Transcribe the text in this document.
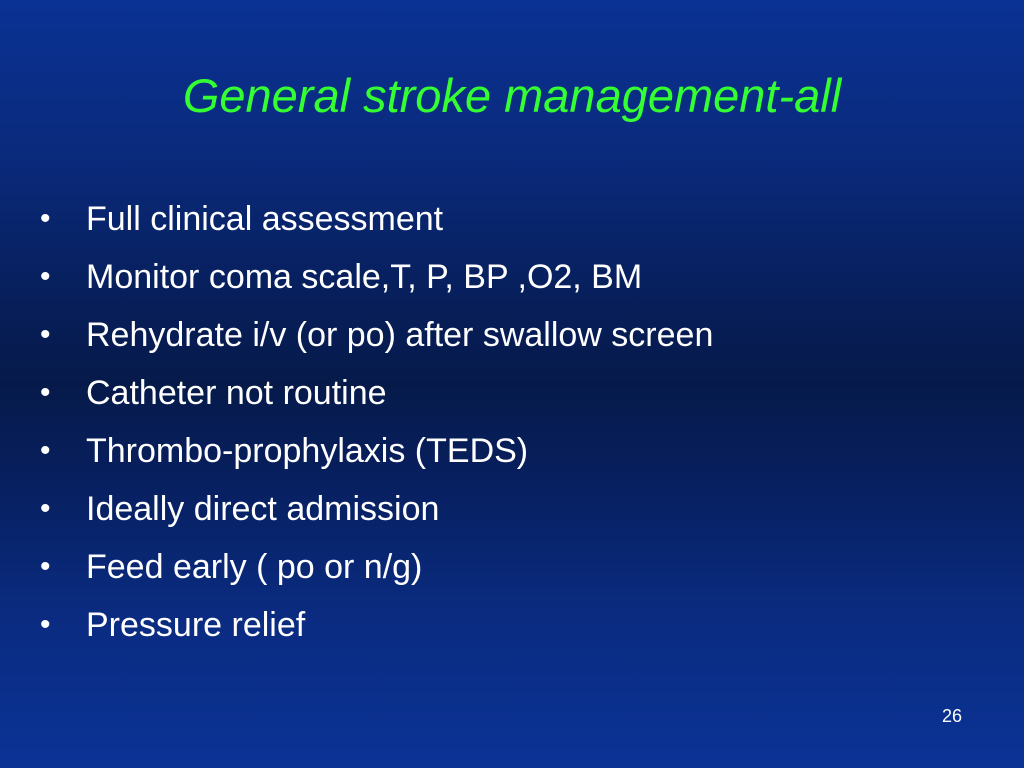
General stroke management-all
•	Full clinical assessment
•	Monitor coma scale,T, P, BP ,O2, BM
•	Rehydrate i/v (or po) after swallow screen
•	Catheter not routine
•	Thrombo-prophylaxis (TEDS)
•	Ideally direct admission
•	Feed early ( po or n/g)
•	Pressure relief
26
